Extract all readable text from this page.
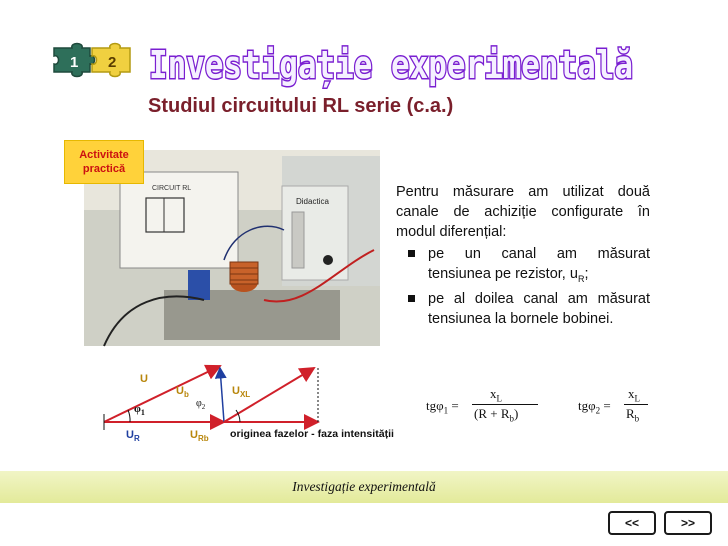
1 2 Investigație experimentală
Studiul circuitului RL serie (c.a.)
CIRCUIT RL
Didactica
Activitate
practică
Pentru măsurare am utilizat două canale de achiziție configurate în modul diferențial:
pe un canal am măsurat tensiunea pe rezistor, $u_R$;
pe al doilea canal am măsurat tensiunea la bornele bobinei.
U
$U_b$	$U_{XL}$
$\varphi_1$
$\varphi_2$
$U_R$	$U_{Rb}$ originea fazelor - faza intensității
tgφ$_1$ =
$x_L$
$(R + R_b)$
tgφ$_2$ =
$x_L$
$R_b$
Investigație experimentală
<<	>>
